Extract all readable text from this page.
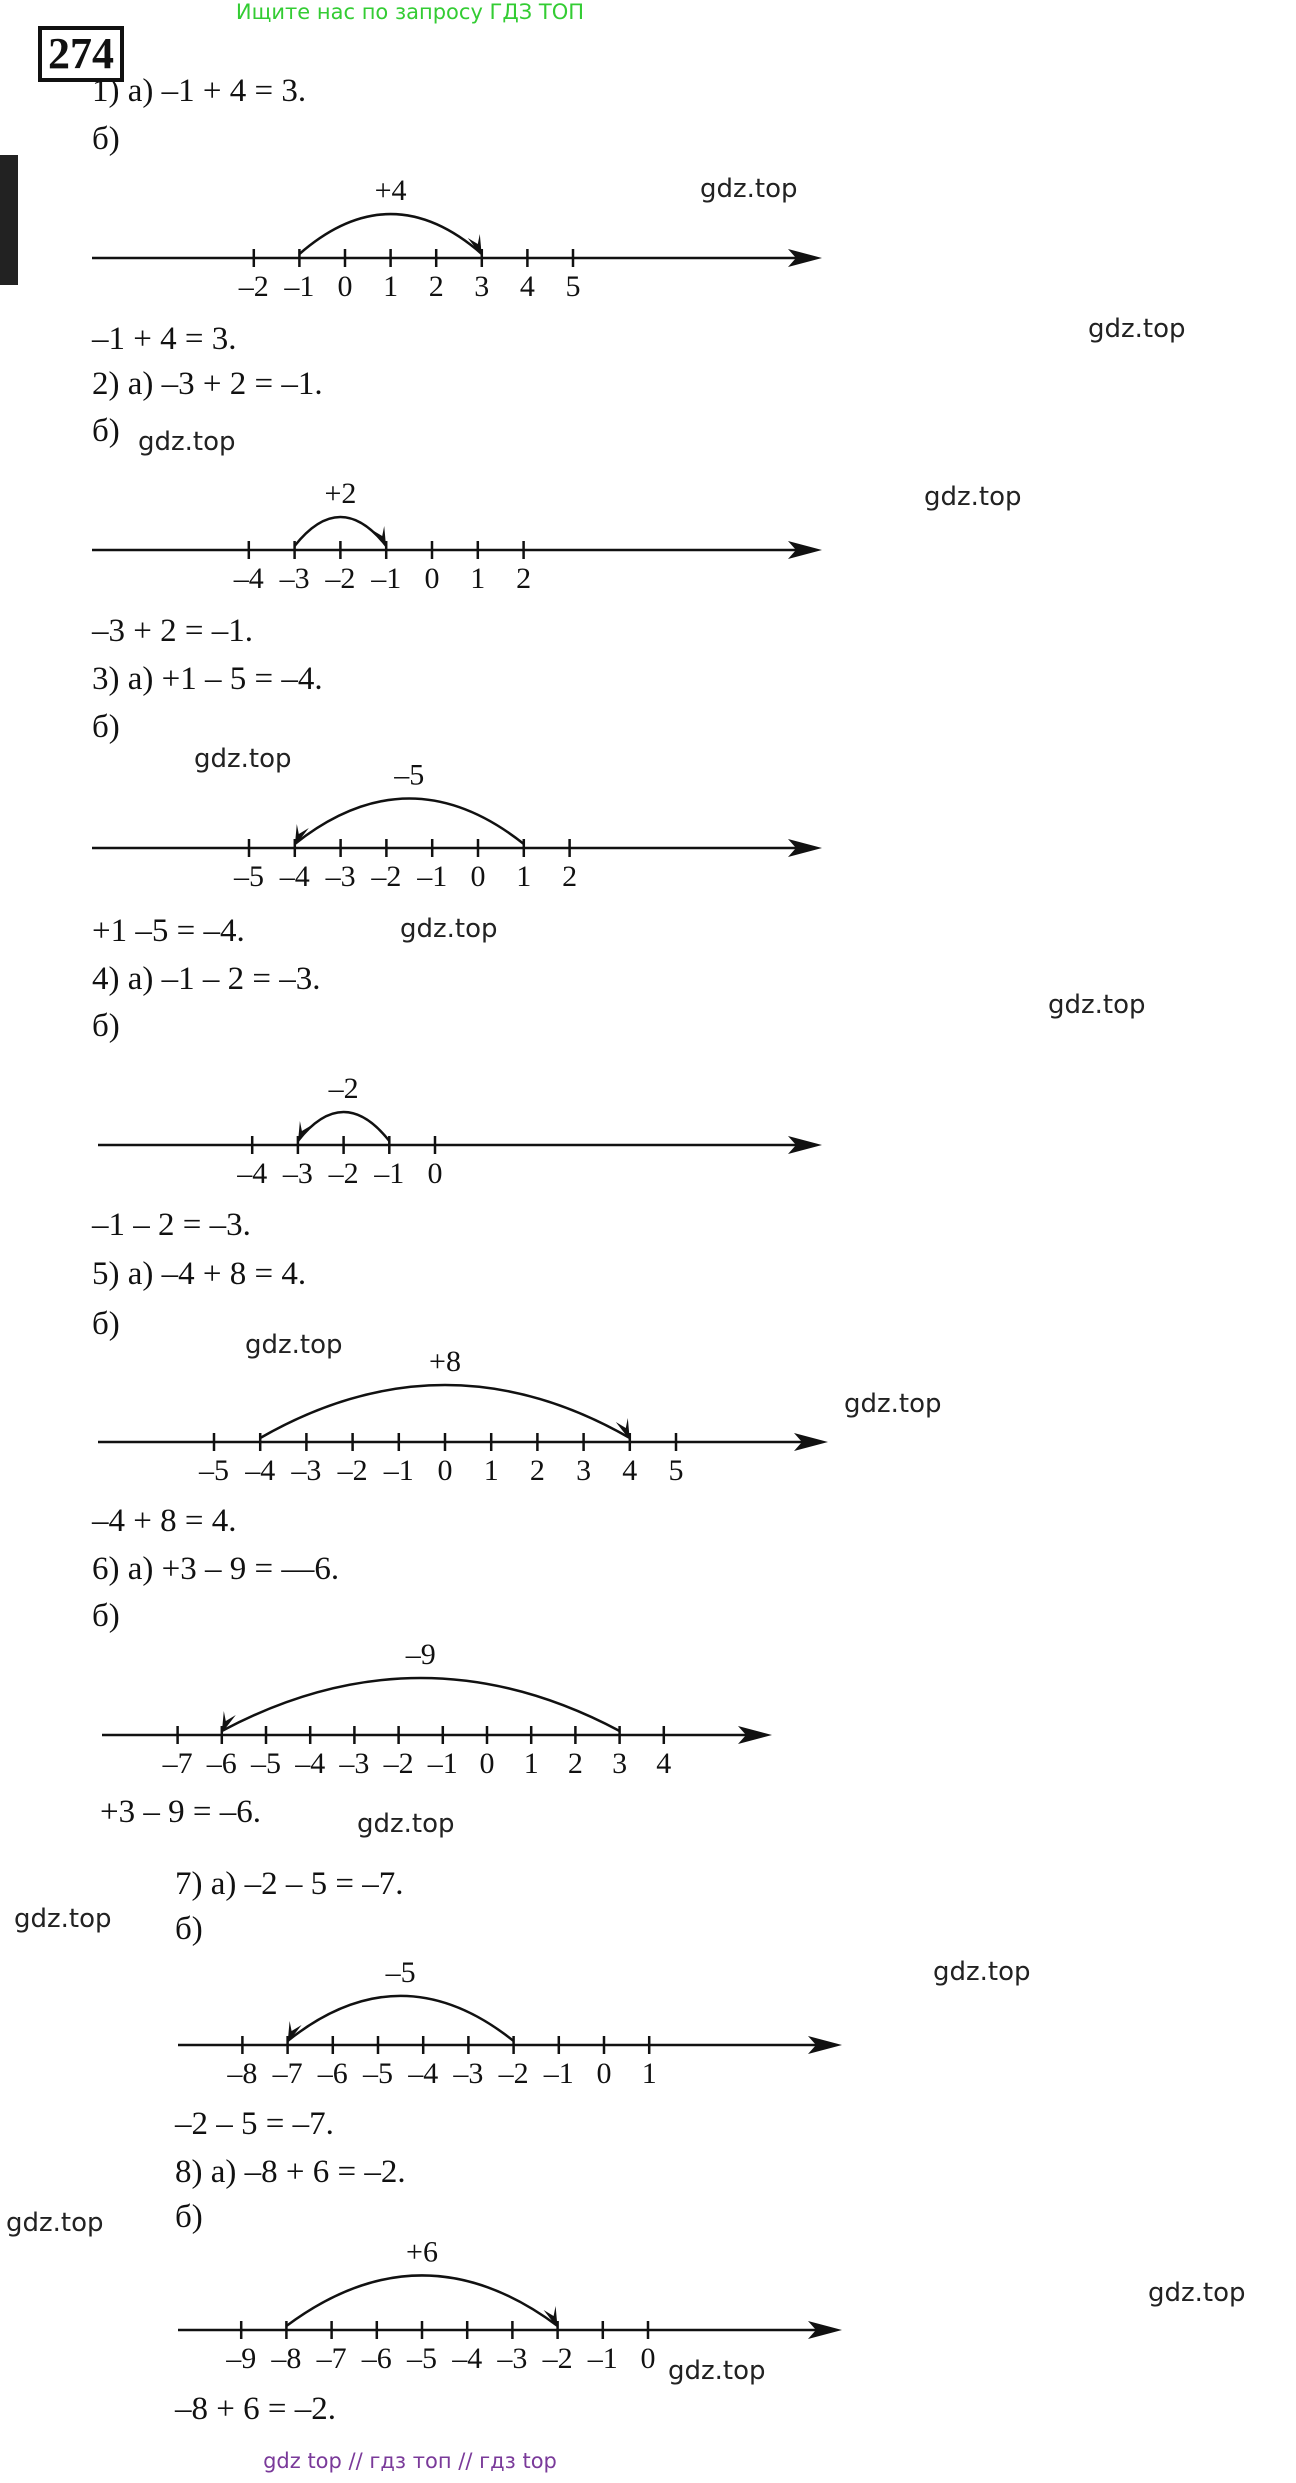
Ищите нас по запросу ГДЗ ТОП
274
1) а) –1 + 4 = 3.
б)
–1 + 4 = 3.
2) а) –3 + 2 = –1.
б)
–3 + 2 = –1.
3) а) +1 – 5 = –4.
б)
+1 –5 = –4.
4) а) –1 – 2 = –3.
б)
–1 – 2 = –3.
5) а) –4 + 8 = 4.
б)
–4 + 8 = 4.
6) а) +3 – 9 = —6.
б)
+3 – 9 = –6.
7) а) –2 – 5 = –7.
б)
–2 – 5 = –7.
8) а) –8 + 6 = –2.
б)
–8 + 6 = –2.
–2 –1 0 1 2 3 4 5
+4
–4 –3 –2 –1 0 1 2
+2
–5 –4 –3 –2 –1 0 1 2
–5
–4 –3 –2 –1 0
–2
–5 –4 –3 –2 –1 0 1 2 3 4 5
+8
–7 –6 –5 –4 –3 –2 –1 0 1 2 3 4
–9
–8 –7 –6 –5 –4 –3 –2 –1 0 1
–5
–9 –8 –7 –6 –5 –4 –3 –2 –1 0
+6
gdz.top
gdz.top
gdz.top
gdz.top
gdz.top
gdz.top
gdz.top
gdz.top
gdz.top
gdz.top
gdz.top
gdz.top
gdz.top
gdz.top
gdz.top
gdz top // гдз топ // гдз top
